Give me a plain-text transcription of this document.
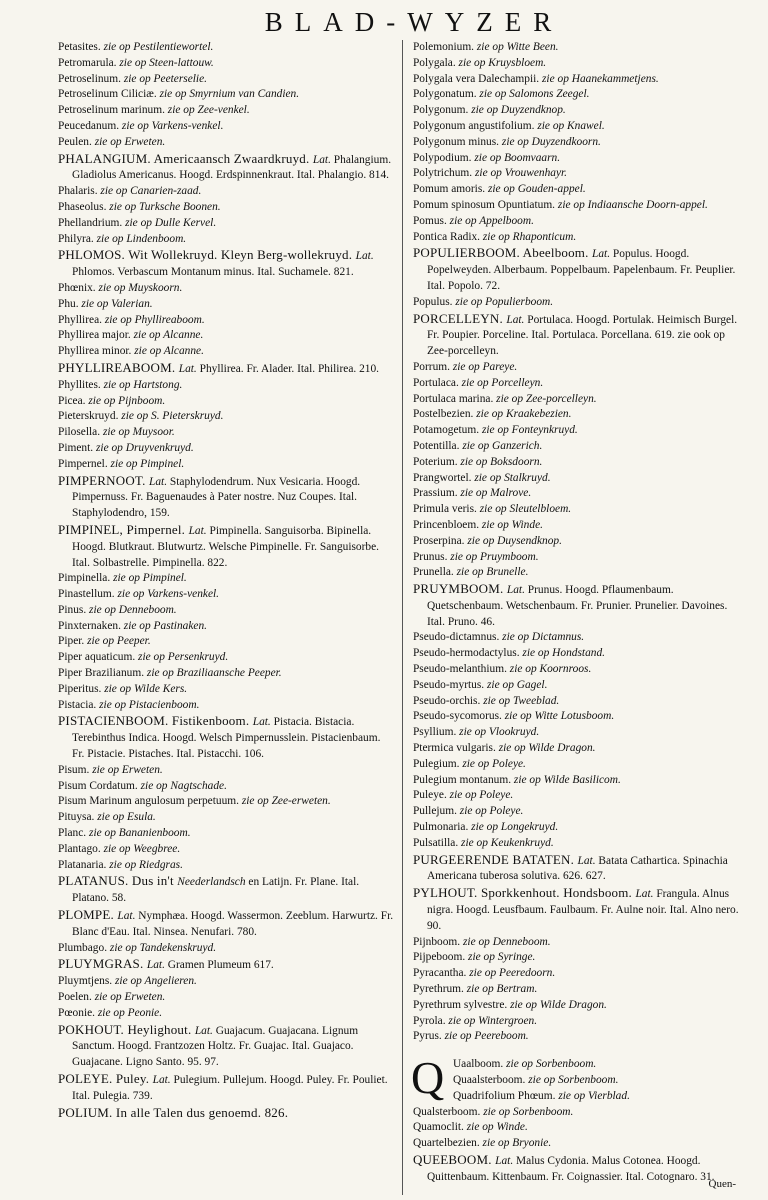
BLAD-WYZER

Petasites. zie op Pestilentiewortel.

Petromarula. zie op Steen-lattouw.

Petroselinum. zie op Peeterselie.

Petroselinum Ciliciæ. zie op Smyrnium van Candien.

Petroselinum marinum. zie op Zee-venkel.

Peucedanum. zie op Varkens-venkel.

Peulen. zie op Erweten.

PHALANGIUM. Americaansch Zwaardkruyd. Lat. Phalangium. Gladiolus Americanus. Hoogd. Erdspinnenkraut. Ital. Phalangio. 814.

Phalaris. zie op Canarien-zaad.

Phaseolus. zie op Turksche Boonen.

Phellandrium. zie op Dulle Kervel.

Philyra. zie op Lindenboom.

PHLOMOS. Wit Wollekruyd. Kleyn Berg-wollekruyd. Lat. Phlomos. Verbascum Montanum minus. Ital. Suchamele. 821.

Phœnix. zie op Muyskoorn.

Phu. zie op Valerian.

Phyllirea. zie op Phyllireaboom.

Phyllirea major. zie op Alcanne.

Phyllirea minor. zie op Alcanne.

PHYLLIREABOOM. Lat. Phyllirea. Fr. Alader. Ital. Philirea. 210.

Phyllites. zie op Hartstong.

Picea. zie op Pijnboom.

Pieterskruyd. zie op S. Pieterskruyd.

Pilosella. zie op Muysoor.

Piment. zie op Druyvenkruyd.

Pimpernel. zie op Pimpinel.

PIMPERNOOT. Lat. Staphylodendrum. Nux Vesicaria. Hoogd. Pimpernuss. Fr. Baguenaudes à Pater nostre. Nuz Coupes. Ital. Staphylodendro, 159.

PIMPINEL, Pimpernel. Lat. Pimpinella. Sanguisorba. Bipinella. Hoogd. Blutkraut. Blutwurtz. Welsche Pimpinelle. Fr. Sanguisorbe. Ital. Solbastrelle. Pimpinella. 822.

Pimpinella. zie op Pimpinel.

Pinastellum. zie op Varkens-venkel.

Pinus. zie op Denneboom.

Pinxternaken. zie op Pastinaken.

Piper. zie op Peeper.

Piper aquaticum. zie op Persenkruyd.

Piper Brazilianum. zie op Braziliaansche Peeper.

Piperitus. zie op Wilde Kers.

Pistacia. zie op Pistacienboom.

PISTACIENBOOM. Fistikenboom. Lat. Pistacia. Bistacia. Terebinthus Indica. Hoogd. Welsch Pimpernusslein. Pistacienbaum. Fr. Pistacie. Pistaches. Ital. Pistacchi. 106.

Pisum. zie op Erweten.

Pisum Cordatum. zie op Nagtschade.

Pisum Marinum angulosum perpetuum. zie op Zee-erweten.

Pituysa. zie op Esula.

Planc. zie op Bananienboom.

Plantago. zie op Weegbree.

Platanaria. zie op Riedgras.

PLATANUS. Dus in't Neederlandsch en Latijn. Fr. Plane. Ital. Platano. 58.

PLOMPE. Lat. Nymphæa. Hoogd. Wassermon. Zeeblum. Harwurtz. Fr. Blanc d'Eau. Ital. Ninsea. Nenufari. 780.

Plumbago. zie op Tandekenskruyd.

PLUYMGRAS. Lat. Gramen Plumeum 617.

Pluymtjens. zie op Angelieren.

Poelen. zie op Erweten.

Pœonie. zie op Peonie.

POKHOUT. Heylighout. Lat. Guajacum. Guajacana. Lignum Sanctum. Hoogd. Frantzozen Holtz. Fr. Guajac. Ital. Guajaco. Guajacane. Ligno Santo. 95. 97.

POLEYE. Puley. Lat. Pulegium. Pullejum. Hoogd. Puley. Fr. Pouliet. Ital. Pulegia. 739.

POLIUM. In alle Talen dus genoemd. 826.

Polemonium. zie op Witte Been.

Polygala. zie op Kruysbloem.

Polygala vera Dalechampii. zie op Haanekammetjens.

Polygonatum. zie op Salomons Zeegel.

Polygonum. zie op Duyzendknop.

Polygonum angustifolium. zie op Knawel.

Polygonum minus. zie op Duyzendkoorn.

Polypodium. zie op Boomvaarn.

Polytrichum. zie op Vrouwenhayr.

Pomum amoris. zie op Gouden-appel.

Pomum spinosum Opuntiatum. zie op Indiaansche Doorn-appel.

Pomus. zie op Appelboom.

Pontica Radix. zie op Rhaponticum.

POPULIERBOOM. Abeelboom. Lat. Populus. Hoogd. Popelweyden. Alberbaum. Poppelbaum. Papelenbaum. Fr. Peuplier. Ital. Popolo. 72.

Populus. zie op Populierboom.

PORCELLEYN. Lat. Portulaca. Hoogd. Portulak. Heimisch Burgel. Fr. Poupier. Porceline. Ital. Portulaca. Porcellana. 619. zie ook op Zee-porcelleyn.

Porrum. zie op Pareye.

Portulaca. zie op Porcelleyn.

Portulaca marina. zie op Zee-porcelleyn.

Postelbezien. zie op Kraakebezien.

Potamogetum. zie op Fonteynkruyd.

Potentilla. zie op Ganzerich.

Poterium. zie op Boksdoorn.

Prangwortel. zie op Stalkruyd.

Prassium. zie op Malrove.

Primula veris. zie op Sleutelbloem.

Princenbloem. zie op Winde.

Proserpina. zie op Duysendknop.

Prunus. zie op Pruymboom.

Prunella. zie op Brunelle.

PRUYMBOOM. Lat. Prunus. Hoogd. Pflaumenbaum. Quetschenbaum. Wetschenbaum. Fr. Prunier. Prunelier. Davoines. Ital. Pruno. 46.

Pseudo-dictamnus. zie op Dictamnus.

Pseudo-hermodactylus. zie op Hondstand.

Pseudo-melanthium. zie op Koornroos.

Pseudo-myrtus. zie op Gagel.

Pseudo-orchis. zie op Tweeblad.

Pseudo-sycomorus. zie op Witte Lotusboom.

Psyllium. zie op Vlookruyd.

Ptermica vulgaris. zie op Wilde Dragon.

Pulegium. zie op Poleye.

Pulegium montanum. zie op Wilde Basilicom.

Puleye. zie op Poleye.

Pullejum. zie op Poleye.

Pulmonaria. zie op Longekruyd.

Pulsatilla. zie op Keukenkruyd.

PURGEERENDE BATATEN. Lat. Batata Cathartica. Spinachia Americana tuberosa solutiva. 626. 627.

PYLHOUT. Sporkkenhout. Hondsboom. Lat. Frangula. Alnus nigra. Hoogd. Leusfbaum. Faulbaum. Fr. Aulne noir. Ital. Alno nero. 90.

Pijnboom. zie op Denneboom.

Pijpeboom. zie op Syringe.

Pyracantha. zie op Peeredoorn.

Pyrethrum. zie op Bertram.

Pyrethrum sylvestre. zie op Wilde Dragon.

Pyrola. zie op Wintergroen.

Pyrus. zie op Peereboom.

Q Uaalboom. zie op Sorbenboom.

Quaalsterboom. zie op Sorbenboom.

Quadrifolium Phœum. zie op Vierblad.

Qualsterboom. zie op Sorbenboom.

Quamoclit. zie op Winde.

Quartelbezien. zie op Bryonie.

QUEEBOOM. Lat. Malus Cydonia. Malus Cotonea. Hoogd. Quittenbaum. Kittenbaum. Fr. Coignassier. Ital. Cotognaro. 31.

Quen-
